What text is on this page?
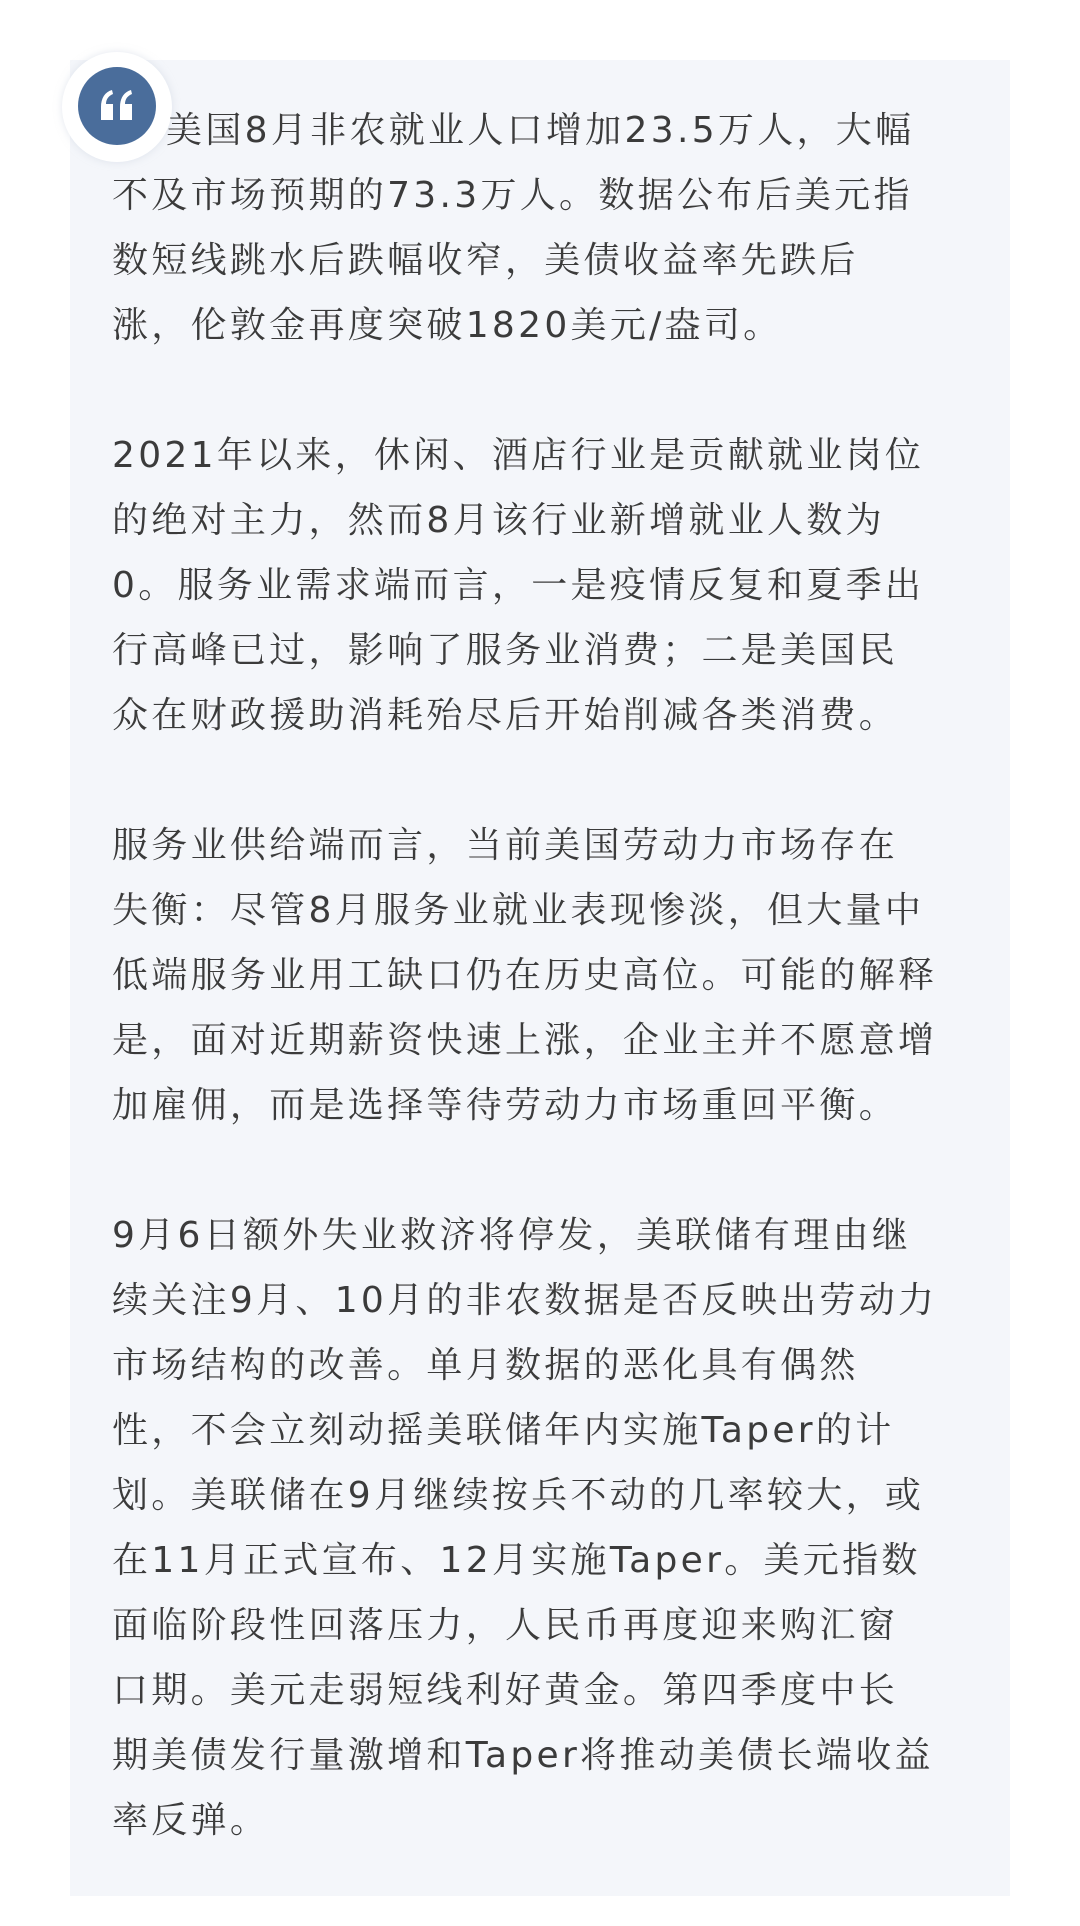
　 美国8月非农就业人口增加23.5万人，大幅
不及市场预期的73.3万人。数据公布后美元指
数短线跳水后跌幅收窄，美债收益率先跌后
涨，伦敦金再度突破1820美元/盎司。

2021年以来，休闲、酒店行业是贡献就业岗位
的绝对主力，然而8月该行业新增就业人数为
0。服务业需求端而言，一是疫情反复和夏季出
行高峰已过，影响了服务业消费；二是美国民
众在财政援助消耗殆尽后开始削减各类消费。

服务业供给端而言，当前美国劳动力市场存在
失衡：尽管8月服务业就业表现惨淡，但大量中
低端服务业用工缺口仍在历史高位。可能的解释
是，面对近期薪资快速上涨，企业主并不愿意增
加雇佣，而是选择等待劳动力市场重回平衡。

9月6日额外失业救济将停发，美联储有理由继
续关注9月、10月的非农数据是否反映出劳动力
市场结构的改善。单月数据的恶化具有偶然
性，不会立刻动摇美联储年内实施Taper的计
划。美联储在9月继续按兵不动的几率较大，或
在11月正式宣布、12月实施Taper。美元指数
面临阶段性回落压力，人民币再度迎来购汇窗
口期。美元走弱短线利好黄金。第四季度中长
期美债发行量激增和Taper将推动美债长端收益
率反弹。
